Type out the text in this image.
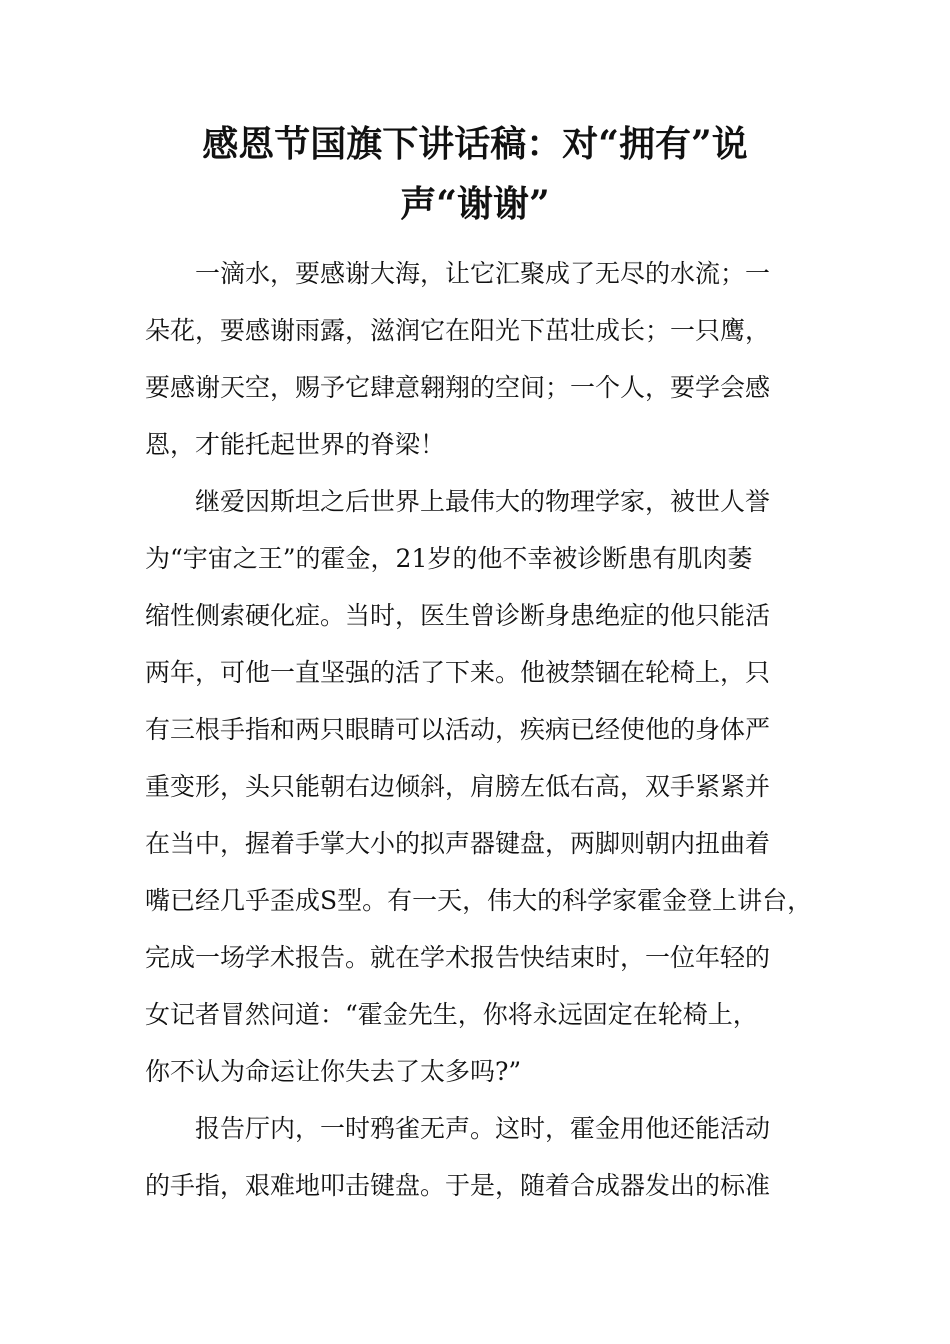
感恩节国旗下讲话稿：对“拥有”说
声“谢谢”
　　一滴水，要感谢大海，让它汇聚成了无尽的水流；一
朵花，要感谢雨露，滋润它在阳光下茁壮成长；一只鹰，
要感谢天空，赐予它肆意翱翔的空间；一个人，要学会感
恩，才能托起世界的脊梁！
　　继爱因斯坦之后世界上最伟大的物理学家，被世人誉
为“宇宙之王”的霍金，21岁的他不幸被诊断患有肌肉萎
缩性侧索硬化症。当时，医生曾诊断身患绝症的他只能活
两年，可他一直坚强的活了下来。他被禁锢在轮椅上，只
有三根手指和两只眼睛可以活动，疾病已经使他的身体严
重变形，头只能朝右边倾斜，肩膀左低右高，双手紧紧并
在当中，握着手掌大小的拟声器键盘，两脚则朝内扭曲着
嘴已经几乎歪成S型。有一天，伟大的科学家霍金登上讲台，
完成一场学术报告。就在学术报告快结束时，一位年轻的
女记者冒然问道：“霍金先生，你将永远固定在轮椅上，
你不认为命运让你失去了太多吗?”
　　报告厅内，一时鸦雀无声。这时，霍金用他还能活动
的手指，艰难地叩击键盘。于是，随着合成器发出的标准
